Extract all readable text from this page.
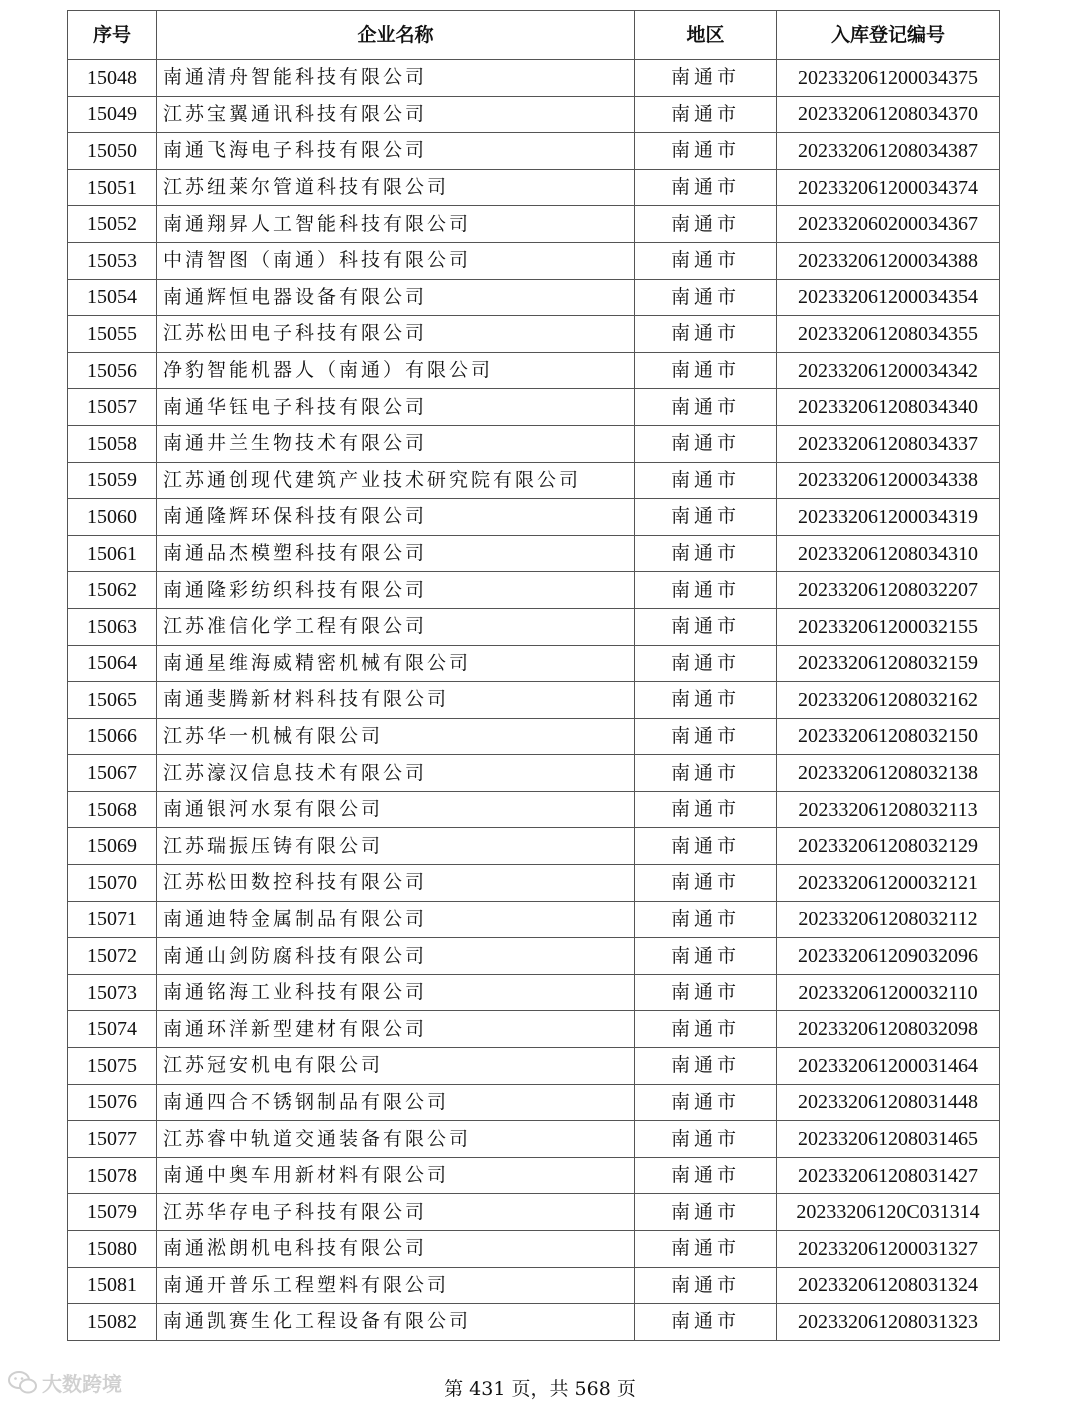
序号	企业名称	地区	入库登记编号
15048	南通清舟智能科技有限公司	南通市	202332061200034375
15049	江苏宝翼通讯科技有限公司	南通市	202332061208034370
15050	南通飞海电子科技有限公司	南通市	202332061208034387
15051	江苏纽莱尔管道科技有限公司	南通市	202332061200034374
15052	南通翔昇人工智能科技有限公司	南通市	202332060200034367
15053	中清智图（南通）科技有限公司	南通市	202332061200034388
15054	南通辉恒电器设备有限公司	南通市	202332061200034354
15055	江苏松田电子科技有限公司	南通市	202332061208034355
15056	净豹智能机器人（南通）有限公司	南通市	202332061200034342
15057	南通华钰电子科技有限公司	南通市	202332061208034340
15058	南通井兰生物技术有限公司	南通市	202332061208034337
15059	江苏通创现代建筑产业技术研究院有限公司	南通市	202332061200034338
15060	南通隆辉环保科技有限公司	南通市	202332061200034319
15061	南通品杰模塑科技有限公司	南通市	202332061208034310
15062	南通隆彩纺织科技有限公司	南通市	202332061208032207
15063	江苏准信化学工程有限公司	南通市	202332061200032155
15064	南通星维海威精密机械有限公司	南通市	202332061208032159
15065	南通斐腾新材料科技有限公司	南通市	202332061208032162
15066	江苏华一机械有限公司	南通市	202332061208032150
15067	江苏濠汉信息技术有限公司	南通市	202332061208032138
15068	南通银河水泵有限公司	南通市	202332061208032113
15069	江苏瑞振压铸有限公司	南通市	202332061208032129
15070	江苏松田数控科技有限公司	南通市	202332061200032121
15071	南通迪特金属制品有限公司	南通市	202332061208032112
15072	南通山剑防腐科技有限公司	南通市	202332061209032096
15073	南通铭海工业科技有限公司	南通市	202332061200032110
15074	南通环洋新型建材有限公司	南通市	202332061208032098
15075	江苏冠安机电有限公司	南通市	202332061200031464
15076	南通四合不锈钢制品有限公司	南通市	202332061208031448
15077	江苏睿中轨道交通装备有限公司	南通市	202332061208031465
15078	南通中奥车用新材料有限公司	南通市	202332061208031427
15079	江苏华存电子科技有限公司	南通市	20233206120C031314
15080	南通淞朗机电科技有限公司	南通市	202332061200031327
15081	南通开普乐工程塑料有限公司	南通市	202332061208031324
15082	南通凯赛生化工程设备有限公司	南通市	202332061208031323
大数跨境	第 431 页，共 568 页
